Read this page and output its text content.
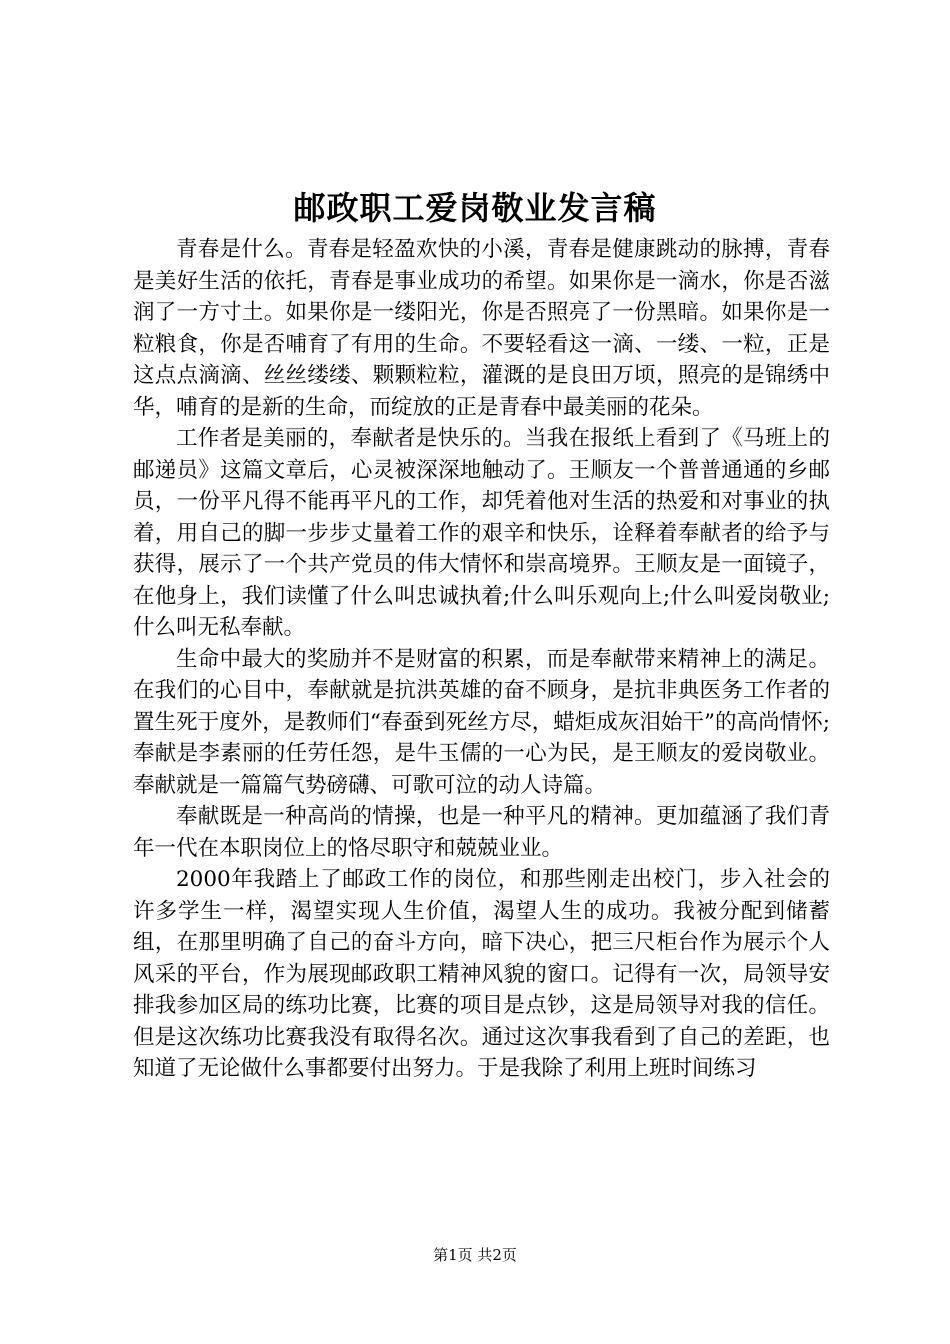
邮政职工爱岗敬业发言稿

青春是什么。青春是轻盈欢快的小溪，青春是健康跳动的脉搏，青春是美好生活的依托，青春是事业成功的希望。如果你是一滴水，你是否滋润了一方寸土。如果你是一缕阳光，你是否照亮了一份黑暗。如果你是一粒粮食，你是否哺育了有用的生命。不要轻看这一滴、一缕、一粒，正是这点点滴滴、丝丝缕缕、颗颗粒粒，灌溉的是良田万顷，照亮的是锦绣中华，哺育的是新的生命，而绽放的正是青春中最美丽的花朵。

工作者是美丽的，奉献者是快乐的。当我在报纸上看到了《马班上的邮递员》这篇文章后，心灵被深深地触动了。王顺友一个普普通通的乡邮员，一份平凡得不能再平凡的工作，却凭着他对生活的热爱和对事业的执着，用自己的脚一步步丈量着工作的艰辛和快乐，诠释着奉献者的给予与获得，展示了一个共产党员的伟大情怀和崇高境界。王顺友是一面镜子，在他身上，我们读懂了什么叫忠诚执着;什么叫乐观向上;什么叫爱岗敬业;什么叫无私奉献。

生命中最大的奖励并不是财富的积累，而是奉献带来精神上的满足。在我们的心目中，奉献就是抗洪英雄的奋不顾身，是抗非典医务工作者的置生死于度外，是教师们“春蚕到死丝方尽，蜡炬成灰泪始干”的高尚情怀;奉献是李素丽的任劳任怨，是牛玉儒的一心为民，是王顺友的爱岗敬业。奉献就是一篇篇气势磅礴、可歌可泣的动人诗篇。

奉献既是一种高尚的情操，也是一种平凡的精神。更加蕴涵了我们青年一代在本职岗位上的恪尽职守和兢兢业业。

2000年我踏上了邮政工作的岗位，和那些刚走出校门，步入社会的许多学生一样，渴望实现人生价值，渴望人生的成功。我被分配到储蓄组，在那里明确了自己的奋斗方向，暗下决心，把三尺柜台作为展示个人风采的平台，作为展现邮政职工精神风貌的窗口。记得有一次，局领导安排我参加区局的练功比赛，比赛的项目是点钞，这是局领导对我的信任。但是这次练功比赛我没有取得名次。通过这次事我看到了自己的差距，也知道了无论做什么事都要付出努力。于是我除了利用上班时间练习

第1页 共2页
